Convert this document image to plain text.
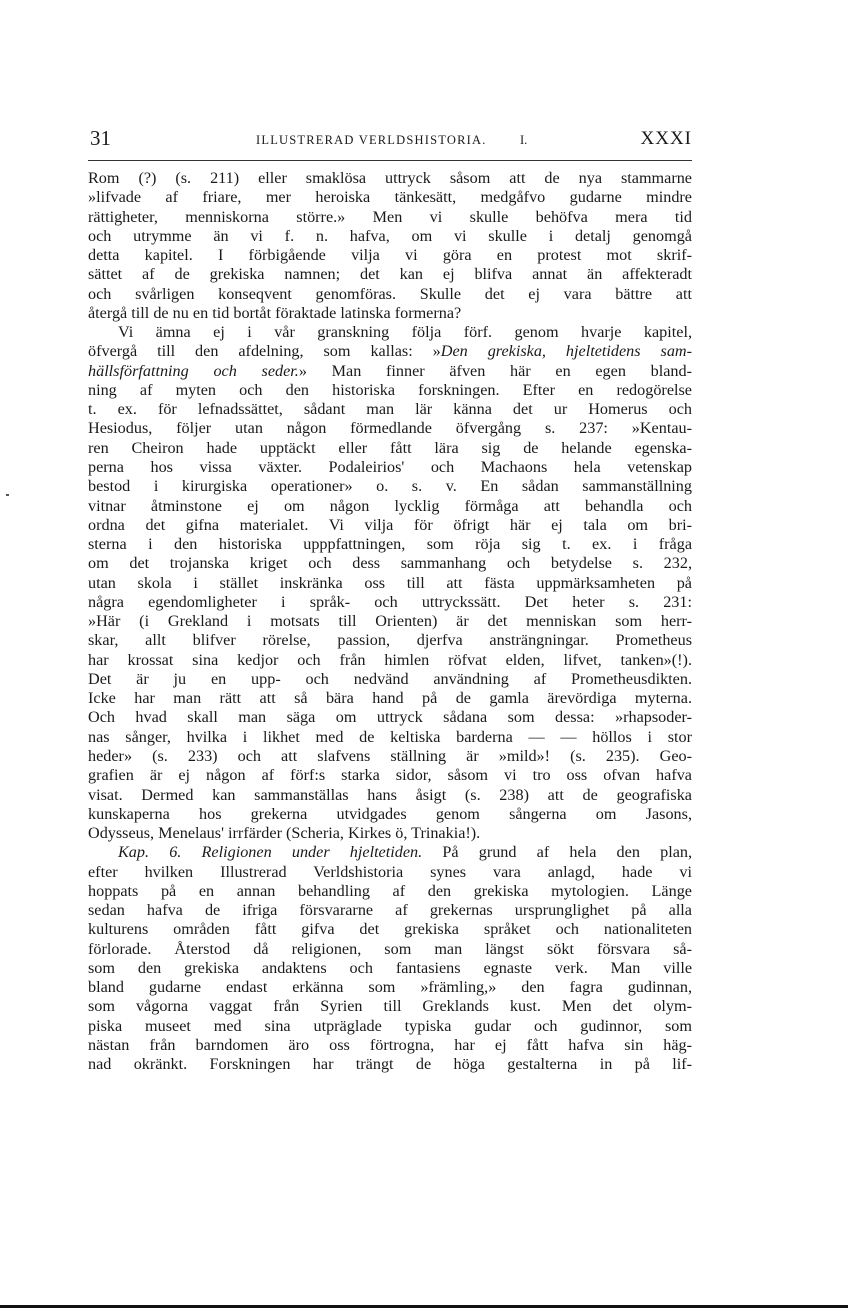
31	ILLUSTRERAD VERLDSHISTORIA.	I.	XXXI
Rom (?) (s. 211) eller smaklösa uttryck såsom att de nya stammarne
»lifvade af friare, mer heroiska tänkesätt, medgåfvo gudarne mindre
rättigheter, menniskorna större.» Men vi skulle behöfva mera tid
och utrymme än vi f. n. hafva, om vi skulle i detalj genomgå
detta kapitel. I förbigående vilja vi göra en protest mot skrif-
sättet af de grekiska namnen; det kan ej blifva annat än affekteradt
och svårligen konseqvent genomföras. Skulle det ej vara bättre att
återgå till de nu en tid bortåt föraktade latinska formerna?
Vi ämna ej i vår granskning följa förf. genom hvarje kapitel,
öfvergå till den afdelning, som kallas: »Den grekiska, hjeltetidens sam-
hällsförfattning och seder.» Man finner äfven här en egen bland-
ning af myten och den historiska forskningen. Efter en redogörelse
t. ex. för lefnadssättet, sådant man lär känna det ur Homerus och
Hesiodus, följer utan någon förmedlande öfvergång s. 237: »Kentau-
ren Cheiron hade upptäckt eller fått lära sig de helande egenska-
perna hos vissa växter. Podaleirios' och Machaons hela vetenskap
bestod i kirurgiska operationer» o. s. v. En sådan sammanställning
vitnar åtminstone ej om någon lycklig förmåga att behandla och
ordna det gifna materialet. Vi vilja för öfrigt här ej tala om bri-
sterna i den historiska upppfattningen, som röja sig t. ex. i fråga
om det trojanska kriget och dess sammanhang och betydelse s. 232,
utan skola i stället inskränka oss till att fästa uppmärksamheten på
några egendomligheter i språk- och uttryckssätt. Det heter s. 231:
»Här (i Grekland i motsats till Orienten) är det menniskan som herr-
skar, allt blifver rörelse, passion, djerfva ansträngningar. Prometheus
har krossat sina kedjor och från himlen röfvat elden, lifvet, tanken»(!).
Det är ju en upp- och nedvänd användning af Prometheusdikten.
Icke har man rätt att så bära hand på de gamla ärevördiga myterna.
Och hvad skall man säga om uttryck sådana som dessa: »rhapsoder-
nas sånger, hvilka i likhet med de keltiska barderna — — höllos i stor
heder» (s. 233) och att slafvens ställning är »mild»! (s. 235). Geo-
grafien är ej någon af förf:s starka sidor, såsom vi tro oss ofvan hafva
visat. Dermed kan sammanställas hans åsigt (s. 238) att de geografiska
kunskaperna hos grekerna utvidgades genom sångerna om Jasons,
Odysseus, Menelaus' irrfärder (Scheria, Kirkes ö, Trinakia!).
Kap. 6. Religionen under hjeltetiden. På grund af hela den plan,
efter hvilken Illustrerad Verldshistoria synes vara anlagd, hade vi
hoppats på en annan behandling af den grekiska mytologien. Länge
sedan hafva de ifriga försvararne af grekernas ursprunglighet på alla
kulturens områden fått gifva det grekiska språket och nationaliteten
förlorade. Återstod då religionen, som man längst sökt försvara så-
som den grekiska andaktens och fantasiens egnaste verk. Man ville
bland gudarne endast erkänna som »främling,» den fagra gudinnan,
som vågorna vaggat från Syrien till Greklands kust. Men det olym-
piska museet med sina utpräglade typiska gudar och gudinnor, som
nästan från barndomen äro oss förtrogna, har ej fått hafva sin häg-
nad okränkt. Forskningen har trängt de höga gestalterna in på lif-
